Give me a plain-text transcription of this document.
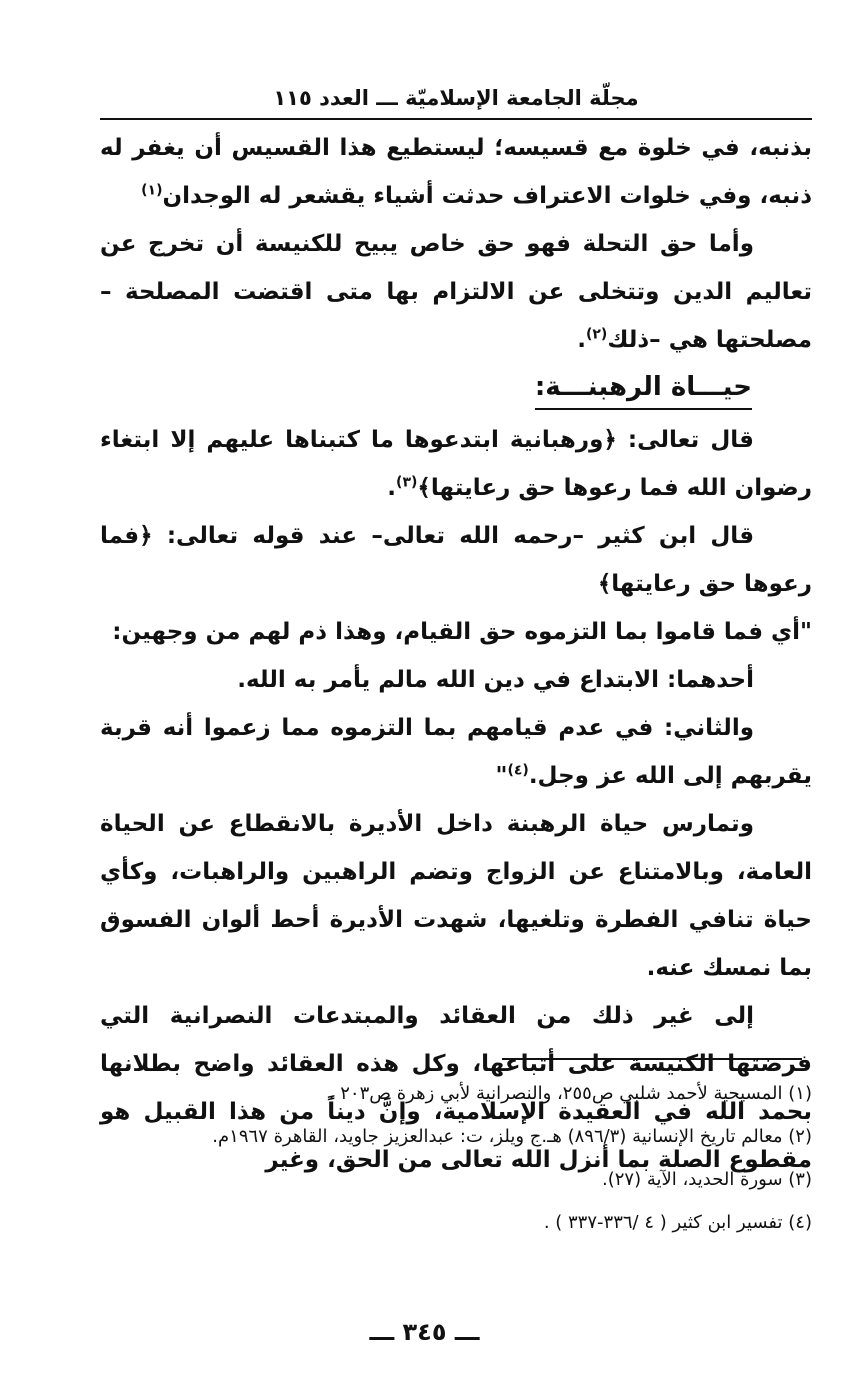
مجلّة الجامعة الإسلاميّة ـــ العدد ١١٥

بذنبه، في خلوة مع قسيسه؛ ليستطيع هذا القسيس أن يغفر له ذنبه، وفي خلوات الاعتراف حدثت أشياء يقشعر له الوجدان$^{(١)}$

وأما حق التحلة فهو حق خاص يبيح للكنيسة أن تخرج عن تعاليم الدين وتتخلى عن الالتزام بها متى اقتضت المصلحة – مصلحتها هي –ذلك$^{(٢)}$.

حيـــاة الرهبنـــة:

قال تعالى: ﴿ورهبانية ابتدعوها ما كتبناها عليهم إلا ابتغاء رضوان الله فما رعوها حق رعايتها﴾$^{(٣)}$.

قال ابن كثير –رحمه الله تعالى– عند قوله تعالى: ﴿فما رعوها حق رعايتها﴾

"أي فما قاموا بما التزموه حق القيام، وهذا ذم لهم من وجهين:

أحدهما: الابتداع في دين الله مالم يأمر به الله.

والثاني: في عدم قيامهم بما التزموه مما زعموا أنه قربة يقربهم إلى الله عز وجل.$^{(٤)}$"

وتمارس حياة الرهبنة داخل الأديرة بالانقطاع عن الحياة العامة، وبالامتناع عن الزواج وتضم الراهبين والراهبات، وكأي حياة تنافي الفطرة وتلغيها، شهدت الأديرة أحط ألوان الفسوق بما نمسك عنه.

إلى غير ذلك من العقائد والمبتدعات النصرانية التي فرضتها الكنيسة على أتباعها، وكل هذه العقائد واضح بطلانها بحمد الله في العقيدة الإسلامية، وإنَّ ديناً من هذا القبيل هو مقطوع الصلة بما أنزل الله تعالى من الحق، وغير

(١) المسيحية لأحمد شلبي ص٢٥٥، والنصرانية لأبي زهرة ص٢٠٣ .
(٢) معالم تاريخ الإنسانية (٨٩٦/٣) هـ.ج ويلز، ت: عبدالعزيز جاويد، القاهرة ١٩٦٧م.
(٣) سورة الحديد، الآية (٢٧).
(٤) تفسير ابن كثير ( ٤ /٣٣٦-٣٣٧ ) .
ـــ ٣٤٥ ـــ
